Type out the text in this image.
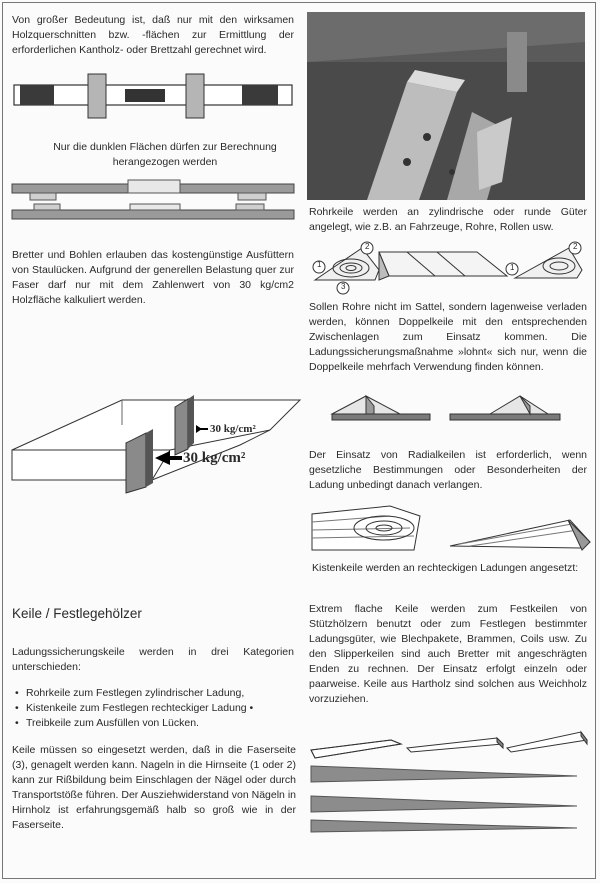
Von großer Bedeutung ist, daß nur mit den wirksamen Holzquerschnitten bzw. -flächen zur Ermittlung der erforderlichen Kantholz- oder Brettzahl gerechnet wird.
Nur die dunklen Flächen dürfen zur Berechnung herangezogen werden
Bretter und Bohlen erlauben das kostengünstige Ausfüttern von Staulücken. Aufgrund der generellen Belastung quer zur Faser darf nur mit dem Zahlenwert von 30 kg/cm2 Holzfläche kalkuliert werden.
30 kg/cm²
30 kg/cm²
Keile / Festlegehölzer
Ladungssicherungskeile werden in drei Kategorien unterschieden:
• Rohrkeile zum Festlegen zylindrischer Ladung,
• Kistenkeile zum Festlegen rechteckiger Ladung •
• Treibkeile zum Ausfüllen von Lücken.
Keile müssen so eingesetzt werden, daß in die Faserseite (3), genagelt werden kann. Nageln in die Hirnseite (1 oder 2) kann zur Rißbildung beim Einschlagen der Nägel oder durch Transportstöße führen. Der Ausziehwiderstand von Nägeln in Hirnholz ist erfahrungsgemäß halb so groß wie in der Faserseite.
Rohrkeile werden an zylindrische oder runde Güter angelegt, wie z.B. an Fahrzeuge, Rohre, Rollen usw.
1
2
3
1
2
Sollen Rohre nicht im Sattel, sondern lagenweise verladen werden, können Doppelkeile mit den entsprechenden Zwischenlagen zum Einsatz kommen. Die Ladungssicherungsmaßnahme »lohnt« sich nur, wenn die Doppelkeile mehrfach Verwendung finden können.
Der Einsatz von Radialkeilen ist erforderlich, wenn gesetzliche Bestimmungen oder Besonderheiten der Ladung unbedingt danach verlangen.
Kistenkeile werden an rechteckigen Ladungen angesetzt:
Extrem flache Keile werden zum Festkeilen von Stützhölzern benutzt oder zum Festlegen bestimmter Ladungsgüter, wie Blechpakete, Brammen, Coils usw. Zu den Slipperkeilen sind auch Bretter mit angeschrägten Enden zu rechnen. Der Einsatz erfolgt einzeln oder paarweise. Keile aus Hartholz sind solchen aus Weichholz vorzuziehen.
